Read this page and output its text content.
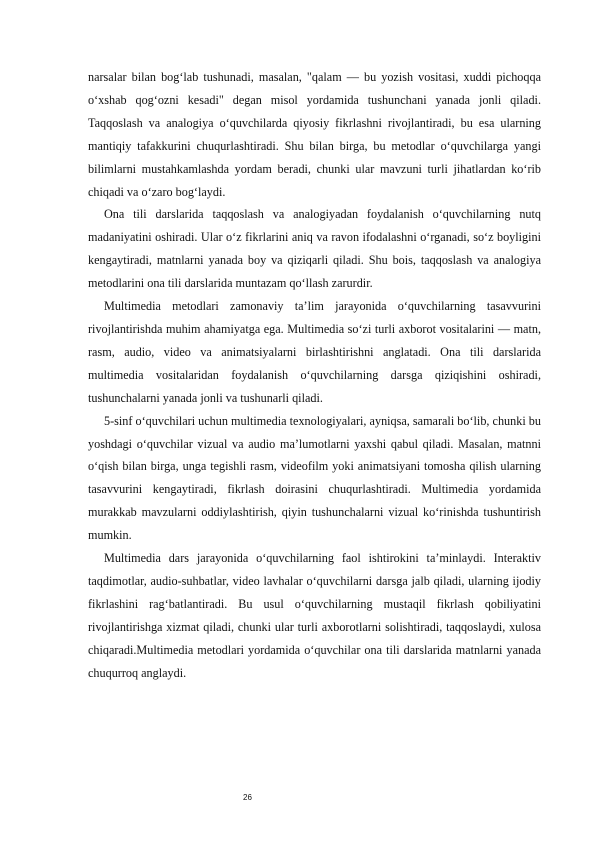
narsalar bilan bog‘lab tushunadi, masalan, "qalam — bu yozish vositasi, xuddi pichoqqa o‘xshab qog‘ozni kesadi" degan misol yordamida tushunchani yanada jonli qiladi. Taqqoslash va analogiya o‘quvchilarda qiyosiy fikrlashni rivojlantiradi, bu esa ularning mantiqiy tafakkurini chuqurlashtiradi. Shu bilan birga, bu metodlar o‘quvchilarga yangi bilimlarni mustahkamlashda yordam beradi, chunki ular mavzuni turli jihatlardan ko‘rib chiqadi va o‘zaro bog‘laydi.

Ona tili darslarida taqqoslash va analogiyadan foydalanish o‘quvchilarning nutq madaniyatini oshiradi. Ular o‘z fikrlarini aniq va ravon ifodalashni o‘rganadi, so‘z boyligini kengaytiradi, matnlarni yanada boy va qiziqarli qiladi. Shu bois, taqqoslash va analogiya metodlarini ona tili darslarida muntazam qo‘llash zarurdir.

Multimedia metodlari zamonaviy ta’lim jarayonida o‘quvchilarning tasavvurini rivojlantirishda muhim ahamiyatga ega. Multimedia so‘zi turli axborot vositalarini — matn, rasm, audio, video va animatsiyalarni birlashtirishni anglatadi. Ona tili darslarida multimedia vositalaridan foydalanish o‘quvchilarning darsga qiziqishini oshiradi, tushunchalarni yanada jonli va tushunarli qiladi.

5-sinf o‘quvchilari uchun multimedia texnologiyalari, ayniqsa, samarali bo‘lib, chunki bu yoshdagi o‘quvchilar vizual va audio ma’lumotlarni yaxshi qabul qiladi. Masalan, matnni o‘qish bilan birga, unga tegishli rasm, videofilm yoki animatsiyani tomosha qilish ularning tasavvurini kengaytiradi, fikrlash doirasini chuqurlashtiradi. Multimedia yordamida murakkab mavzularni oddiylashtirish, qiyin tushunchalarni vizual ko‘rinishda tushuntirish mumkin.

Multimedia dars jarayonida o‘quvchilarning faol ishtirokini ta’minlaydi. Interaktiv taqdimotlar, audio-suhbatlar, video lavhalar o‘quvchilarni darsga jalb qiladi, ularning ijodiy fikrlashini rag‘batlantiradi. Bu usul o‘quvchilarning mustaqil fikrlash qobiliyatini rivojlantirishga xizmat qiladi, chunki ular turli axborotlarni solishtiradi, taqqoslaydi, xulosa chiqaradi.Multimedia metodlari yordamida o‘quvchilar ona tili darslarida matnlarni yanada chuqurroq anglaydi.

26
